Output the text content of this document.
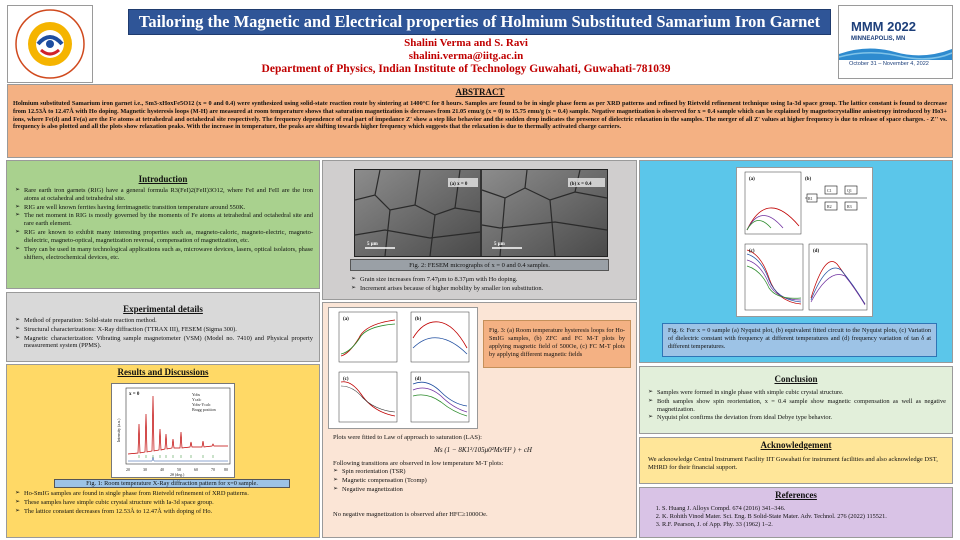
Tailoring the Magnetic and Electrical properties of Holmium Substituted Samarium Iron Garnet
Shalini Verma and S. Ravi
shalini.verma@iitg.ac.in
Department of Physics, Indian Institute of Technology Guwahati, Guwahati-781039
MMM 2022
MINNEAPOLIS, MN
October 31 – November 4, 2022
ABSTRACT
Holmium substituted Samarium iron garnet i.e., Sm3-xHoxFe5O12 (x = 0 and 0.4) were synthesized using solid-state reaction route by sintering at 1400°C for 8 hours. Samples are found to be in single phase form as per XRD patterns and refined by Rietveld refinement technique using Ia-3d space group. The lattice constant is found to decrease from 12.53Å to 12.47Å with Ho doping. Magnetic hysteresis loops (M-H) are measured at room temperature shows that saturation magnetization is decreases from 21.05 emu/g (x = 0) to 15.75 emu/g (x = 0.4) sample. Negative magnetization is observed for x = 0.4 sample which can be explained by magnetocrystalline anisotropy introduced by Ho3+ ions, where Fe(d) and Fe(a) are the Fe atoms at tetrahedral and octahedral site respectively. The frequency dependence of real part of impedance Z' show a step like behavior and the sudden drop indicates the presence of dielectric relaxation in the samples. The merger of all Z' values at higher frequency is due to release of space charges. - Z'' vs. frequency is also plotted and all the plots show relaxation peaks. With the increase in temperature, the peaks are shifting towards higher frequency which suggests that the relaxation is due to thermally activated charge carriers.
Introduction
➢ Rare earth iron garnets (RIG) have a general formula R3(FeI)2(FeII)3O12, where FeI and FeII are the iron atoms at octahedral and tetrahedral site.
➢ RIG are well known ferrites having ferrimagnetic transition temperature around 550K.
➢ The net moment in RIG is mostly governed by the moments of Fe atoms at tetrahedral and octahedral site and rare earth element.
➢ RIG are known to exhibit many interesting properties such as, magneto-caloric, magneto-electric, magneto-dielectric, magneto-optical, magnetization reversal, compensation of magnetization, etc.
➢ They can be used in many technological applications such as, microwave devices, lasers, optical isolators, phase shifters, electrochemical devices, etc.
Experimental details
➢ Method of preparation: Solid-state reaction method.
➢ Structural characterizations: X-Ray diffraction (TTRAX III), FESEM (Sigma 300).
➢ Magnetic characterization: Vibrating sample magnetometer (VSM) (Model no. 7410) and Physical property measurement system (PPMS).
Results and Discussions
x = 0	Yobs
Ycalc
Yobs-Ycalc
Bragg position
20	30	40	50	60	70 80
2θ (deg.)
Intensity (a.u.)
Fig. 1: Room temperature X-Ray diffraction pattern for x=0 sample.
➢ Ho-SmIG samples are found in single phase from Rietveld refinement of XRD patterns.
➢ These samples have simple cubic crystal structure with Ia-3d space group.
➢ The lattice constant decreases from 12.53Å to 12.47Å with doping of Ho.
(a) x = 0	(b) x = 0.4
5 μm	5 μm
Fig. 2: FESEM micrographs of x = 0 and 0.4 samples.
➢ Grain size increases from 7.47μm to 8.37μm with Ho doping.
➢ Increment arises because of higher mobility by smaller ion substitution.
(a)	(b)
(c)	(d)
Fig. 3: (a) Room temperature hysteresis loops for Ho-SmIG samples, (b) ZFC and FC M-T plots by applying magnetic field of 500Oe, (c) FC M-T plots by applying different magnetic fields
Plots were fitted to Law of approach to saturation (LAS):
Ms (1 − 8K1²/105μ0²Ms²H² ) + cH
Following transitions are observed in low temperature M-T plots:
➢ Spin reorientation (TSR)
➢ Magnetic compensation (Tcomp)
➢ Negative magnetization
No negative magnetization is observed after HFC≥1000Oe.
(a)	(b)
R1
C1
R2
Q1
R3
(c)	(d)
Fig. 6: For x = 0 sample (a) Nyquist plot, (b) equivalent fitted circuit to the Nyquist plots, (c) Variation of dielectric constant with frequency at different temperatures and (d) frequency variation of tan δ at different temperatures.
Conclusion
➢ Samples were formed in single phase with simple cubic crystal structure.
➢ Both samples show spin reorientation, x = 0.4 sample show magnetic compensation as well as negative magnetization.
➢ Nyquist plot confirms the deviation from ideal Debye type behavior.
Acknowledgement
We acknowledge Central Instrument Facility IIT Guwahati for instrument facilities and also acknowledge DST, MHRD for their financial support.
References
1. S. Huang J. Alloys Compd. 674 (2016) 341–346.
2. K. Rohith Vinod Mater. Sci. Eng. B Solid-State Mater. Adv. Technol. 276 (2022) 115521.
3. R.F. Pearson, J. of App. Phy. 33 (1962) 1–2.
